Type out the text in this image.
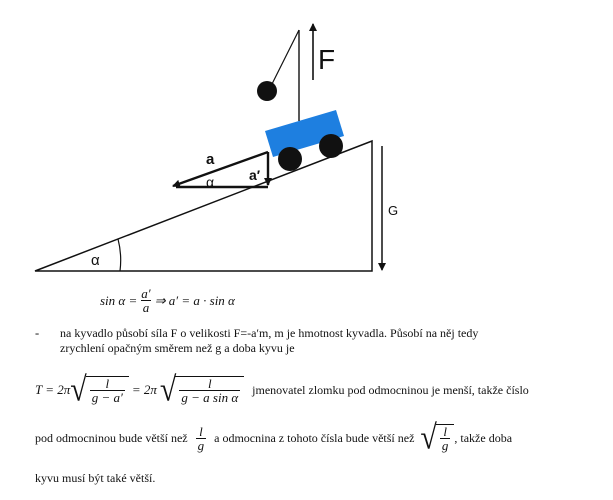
F
a
a′
α
α
G
$\sin \alpha = \frac{a'}{a}$ ⇒ a′ = a · sin α
- na kyvadlo působí síla F o velikosti F=-a′m, m je hmotnost kyvadla. Působí na něj tedy
zrychlení opačným směrem než g a doba kyvu je
T = 2π √ $\frac{l}{g - a'} = 2\pi$ √ $\frac{l}{\text{g − a sin α}}$ jmenovatel zlomku pod odmocninou je menší, takže číslo
pod odmocninou bude větší než $\frac{l}{g}$ a odmocnina z tohoto čísla bude větší než √ $\frac{l}{g}$ , takže doba
kyvu musí být také větší.
